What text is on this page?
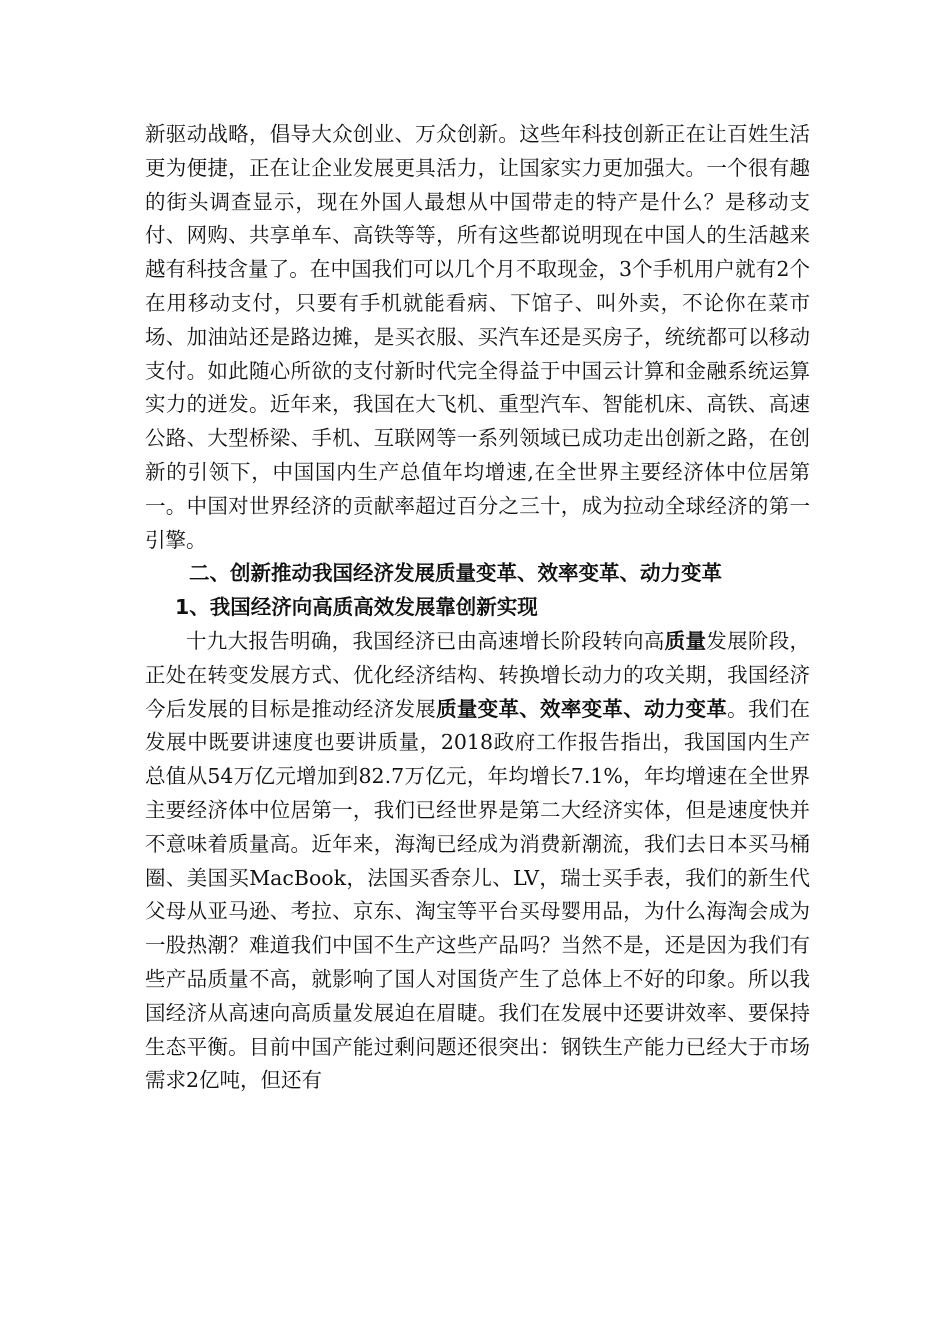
新驱动战略，倡导大众创业、万众创新。这些年科技创新正在让百姓生活更为便捷，正在让企业发展更具活力，让国家实力更加强大。一个很有趣的街头调查显示，现在外国人最想从中国带走的特产是什么？是移动支付、网购、共享单车、高铁等等，所有这些都说明现在中国人的生活越来越有科技含量了。在中国我们可以几个月不取现金，3个手机用户就有2个在用移动支付，只要有手机就能看病、下馆子、叫外卖，不论你在菜市场、加油站还是路边摊，是买衣服、买汽车还是买房子，统统都可以移动支付。如此随心所欲的支付新时代完全得益于中国云计算和金融系统运算实力的迸发。近年来，我国在大飞机、重型汽车、智能机床、高铁、高速公路、大型桥梁、手机、互联网等一系列领域已成功走出创新之路，在创新的引领下，中国国内生产总值年均增速,在全世界主要经济体中位居第一。中国对世界经济的贡献率超过百分之三十，成为拉动全球经济的第一引擎。

二、创新推动我国经济发展质量变革、效率变革、动力变革

1、我国经济向高质高效发展靠创新实现

十九大报告明确，我国经济已由高速增长阶段转向高质量发展阶段，正处在转变发展方式、优化经济结构、转换增长动力的攻关期，我国经济今后发展的目标是推动经济发展质量变革、效率变革、动力变革。我们在发展中既要讲速度也要讲质量，2018政府工作报告指出，我国国内生产总值从54万亿元增加到82.7万亿元，年均增长7.1%，年均增速在全世界主要经济体中位居第一，我们已经世界是第二大经济实体，但是速度快并不意味着质量高。近年来，海淘已经成为消费新潮流，我们去日本买马桶圈、美国买MacBook，法国买香奈儿、LV，瑞士买手表，我们的新生代父母从亚马逊、考拉、京东、淘宝等平台买母婴用品，为什么海淘会成为一股热潮？难道我们中国不生产这些产品吗？当然不是，还是因为我们有些产品质量不高，就影响了国人对国货产生了总体上不好的印象。所以我国经济从高速向高质量发展迫在眉睫。我们在发展中还要讲效率、要保持生态平衡。目前中国产能过剩问题还很突出：钢铁生产能力已经大于市场需求2亿吨，但还有
